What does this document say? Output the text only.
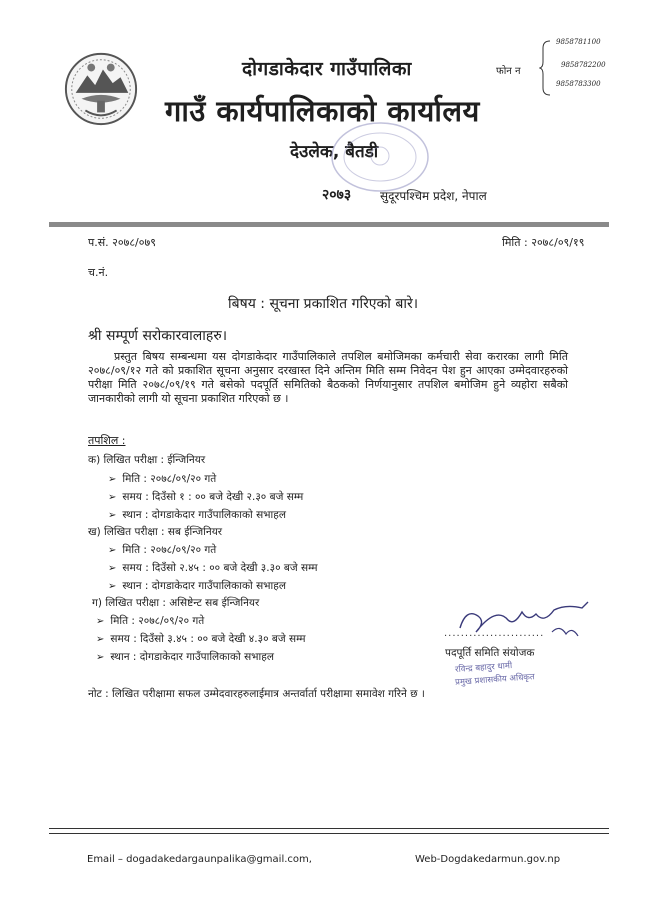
दोगडाकेदार गाउँपालिका
गाउँ कार्यपालिकाको कार्यालय
देउलेक, बैतडी
२०७३ सुदूरपश्चिम प्रदेश, नेपाल
फोन न
9858781100
9858782200
9858783300
प.सं. २०७८/०७९	मिति : २०७८/०९/१९
च.नं.
बिषय : सूचना प्रकाशित गरिएको बारे।
श्री सम्पूर्ण सरोकारवालाहरु।
प्रस्तुत बिषय सम्बन्धमा यस दोगडाकेदार गाउँपालिकाले तपशिल बमोजिमका कर्मचारी सेवा करारका लागी मिति २०७८/०९/१२ गते को प्रकाशित सूचना अनुसार दरखास्त दिने अन्तिम मिति सम्म निवेदन पेश हुन आएका उम्मेदवारहरुको परीक्षा मिति २०७८/०९/१९ गते बसेको पदपूर्ति समितिको बैठकको निर्णयानुसार तपशिल बमोजिम हुने व्यहोरा सबैको जानकारीको लागी यो सूचना प्रकाशित गरिएको छ ।
तपशिल :
क) लिखित परीक्षा : ईन्जिनियर
➢ मिति : २०७८/०९/२० गते
➢ समय : दिउँसो १ : ०० बजे देखी २.३० बजे सम्म
➢ स्थान : दोगडाकेदार गाउँपालिकाको सभाहल
ख) लिखित परीक्षा : सब ईन्जिनियर
➢ मिति : २०७८/०९/२० गते
➢ समय : दिउँसो २.४५ : ०० बजे देखी ३.३० बजे सम्म
➢ स्थान : दोगडाकेदार गाउँपालिकाको सभाहल
ग) लिखित परीक्षा : असिष्टेन्ट सब ईन्जिनियर
➢ मिति : २०७८/०९/२० गते
➢ समय : दिउँसो ३.४५ : ०० बजे देखी ४.३० बजे सम्म
➢ स्थान : दोगडाकेदार गाउँपालिकाको सभाहल
........................
पदपूर्ति समिति संयोजक
रविन्द्र बहादुर धामी
प्रमुख प्रशासकीय अधिकृत
नोट : लिखित परीक्षामा सफल उम्मेदवारहरुलाईमात्र अन्तर्वार्ता परीक्षामा समावेश गरिने छ ।
Email – dogadakedargaunpalika@gmail.com,	Web-Dogdakedarmun.gov.np
